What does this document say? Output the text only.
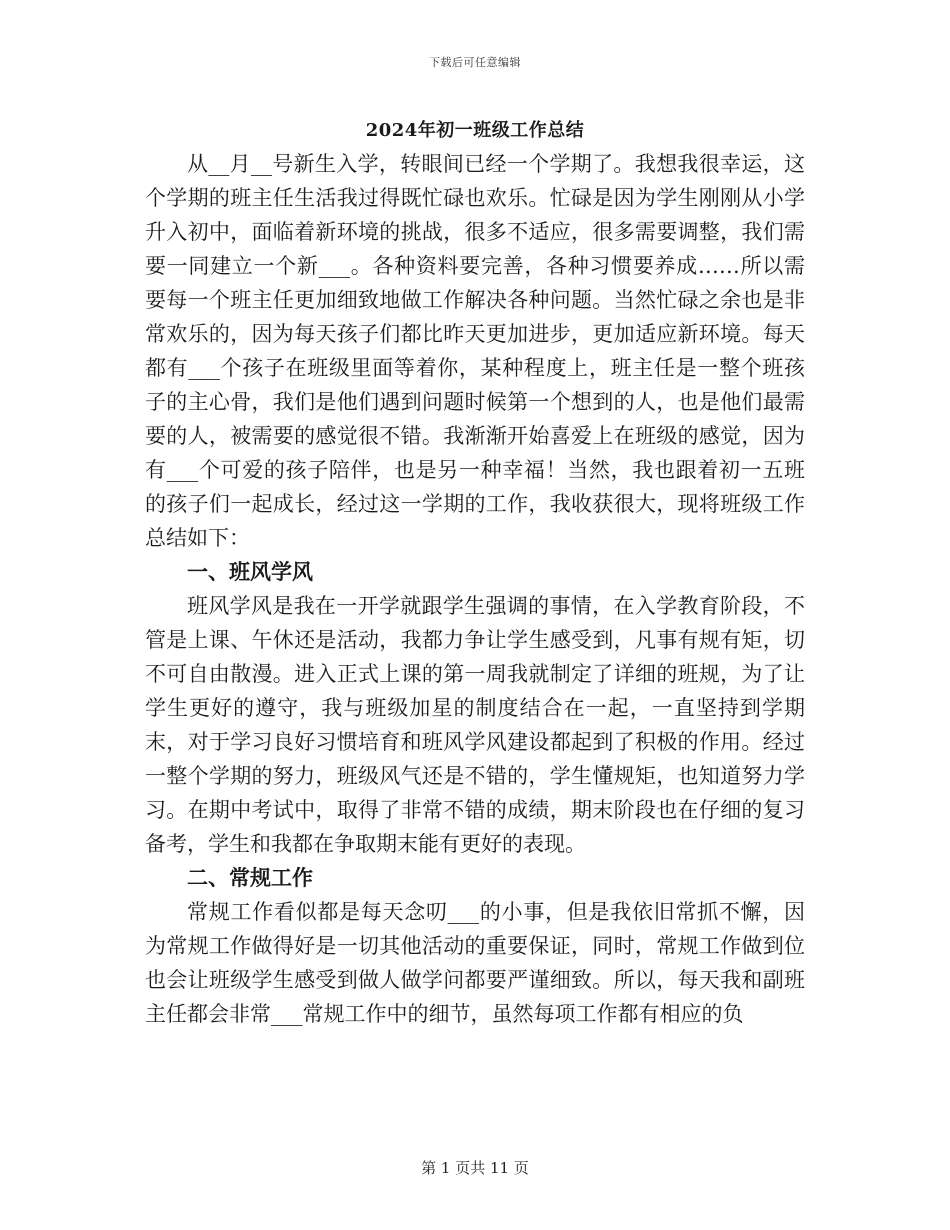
下载后可任意编辑
2024年初一班级工作总结

从__月__号新生入学，转眼间已经一个学期了。我想我很幸运，这个学期的班主任生活我过得既忙碌也欢乐。忙碌是因为学生刚刚从小学升入初中，面临着新环境的挑战，很多不适应，很多需要调整，我们需要一同建立一个新___。各种资料要完善，各种习惯要养成……所以需要每一个班主任更加细致地做工作解决各种问题。当然忙碌之余也是非常欢乐的，因为每天孩子们都比昨天更加进步，更加适应新环境。每天都有___个孩子在班级里面等着你，某种程度上，班主任是一整个班孩子的主心骨，我们是他们遇到问题时候第一个想到的人，也是他们最需要的人，被需要的感觉很不错。我渐渐开始喜爱上在班级的感觉，因为有___个可爱的孩子陪伴，也是另一种幸福！当然，我也跟着初一五班的孩子们一起成长，经过这一学期的工作，我收获很大，现将班级工作总结如下：

一、班风学风

班风学风是我在一开学就跟学生强调的事情，在入学教育阶段，不管是上课、午休还是活动，我都力争让学生感受到，凡事有规有矩，切不可自由散漫。进入正式上课的第一周我就制定了详细的班规，为了让学生更好的遵守，我与班级加星的制度结合在一起，一直坚持到学期末，对于学习良好习惯培育和班风学风建设都起到了积极的作用。经过一整个学期的努力，班级风气还是不错的，学生懂规矩，也知道努力学习。在期中考试中，取得了非常不错的成绩，期末阶段也在仔细的复习备考，学生和我都在争取期末能有更好的表现。

二、常规工作

常规工作看似都是每天念叨___的小事，但是我依旧常抓不懈，因为常规工作做得好是一切其他活动的重要保证，同时，常规工作做到位也会让班级学生感受到做人做学问都要严谨细致。所以，每天我和副班主任都会非常___常规工作中的细节，虽然每项工作都有相应的负

第 1 页共 11 页
